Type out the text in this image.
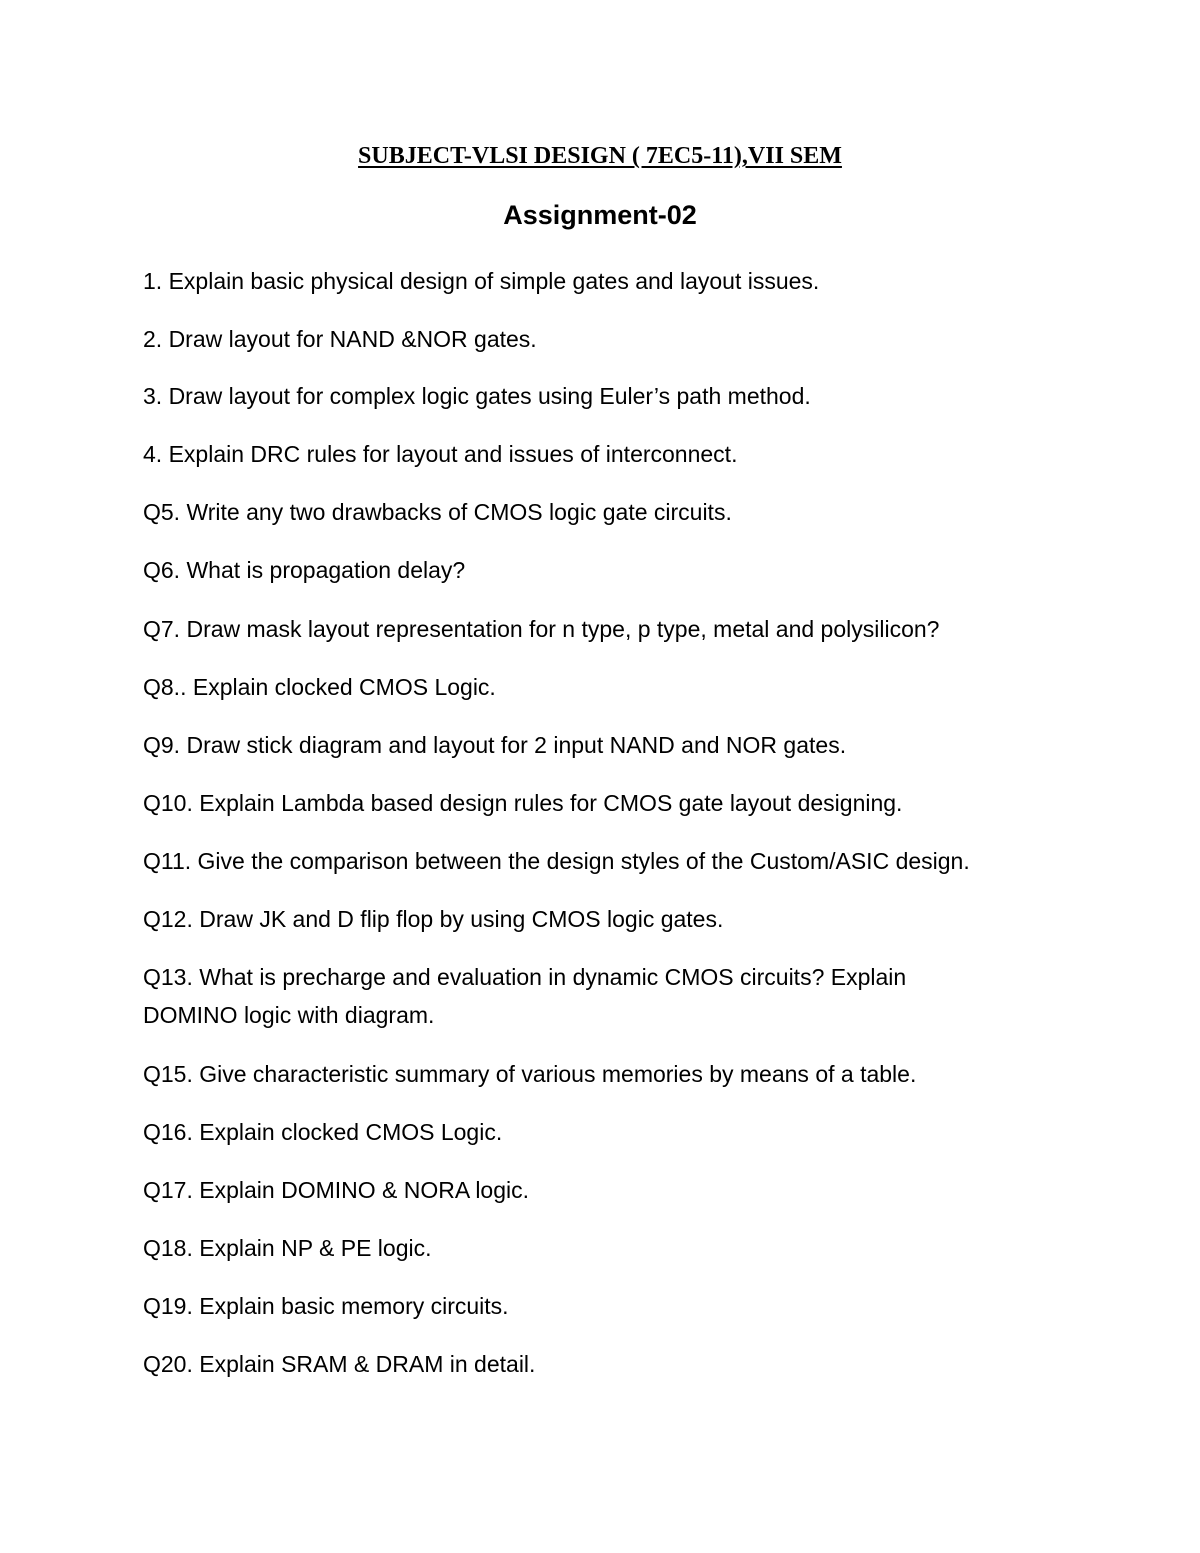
SUBJECT-VLSI DESIGN ( 7EC5-11),VII SEM
Assignment-02
1. Explain basic physical design of simple gates and layout issues.
2. Draw layout for NAND &NOR gates.
3. Draw layout for complex logic gates using Euler’s path method.
4. Explain DRC rules for layout and issues of interconnect.
Q5. Write any two drawbacks of CMOS logic gate circuits.
Q6. What is propagation delay?
Q7. Draw mask layout representation for n type, p type, metal and polysilicon?
Q8.. Explain clocked CMOS Logic.
Q9. Draw stick diagram and layout for 2 input NAND and NOR gates.
Q10. Explain Lambda based design rules for CMOS gate layout designing.
Q11. Give the comparison between the design styles of the Custom/ASIC design.
Q12. Draw JK and D flip flop by using CMOS logic gates.
Q13. What is precharge and evaluation in dynamic CMOS circuits? Explain DOMINO logic with diagram.
Q15. Give characteristic summary of various memories by means of a table.
Q16. Explain clocked CMOS Logic.
Q17. Explain DOMINO & NORA logic.
Q18. Explain NP & PE logic.
Q19. Explain basic memory circuits.
Q20. Explain SRAM & DRAM in detail.
